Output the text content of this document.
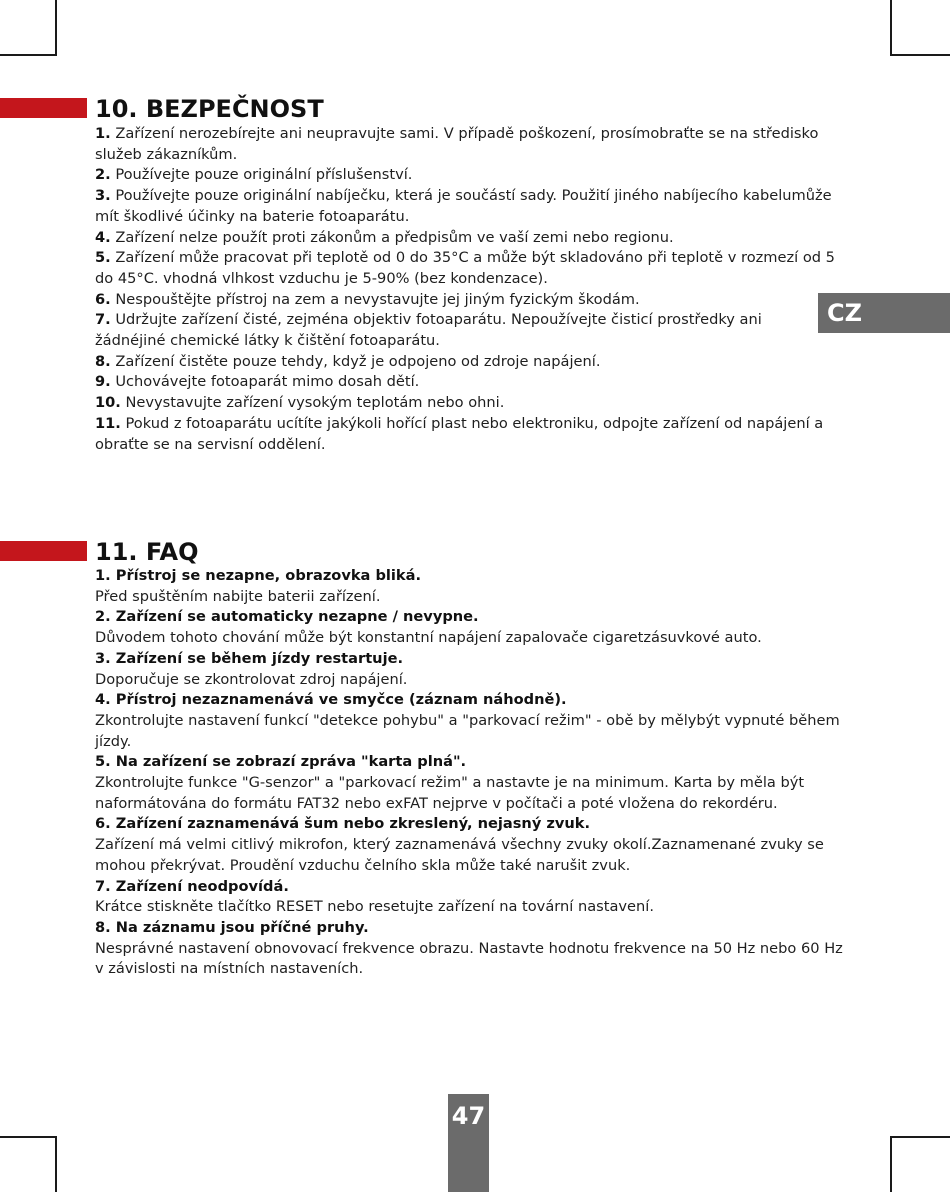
CZ
10. BEZPEČNOST

1. Zařízení nerozebírejte ani neupravujte sami. V případě poškození, prosímobraťte se na středisko služeb zákazníkům.

2. Používejte pouze originální příslušenství.

3. Používejte pouze originální nabíječku, která je součástí sady. Použití jiného nabíjecího kabelumůže mít škodlivé účinky na baterie fotoaparátu.

4. Zařízení nelze použít proti zákonům a předpisům ve vaší zemi nebo regionu.

5. Zařízení může pracovat při teplotě od 0 do 35°C a může být skladováno při teplotě v rozmezí od 5 do 45°C. vhodná vlhkost vzduchu je 5-90% (bez kondenzace).

6. Nespouštějte přístroj na zem a nevystavujte jej jiným fyzickým škodám.

7. Udržujte zařízení čisté, zejména objektiv fotoaparátu. Nepoužívejte čisticí prostředky ani žádnéjiné chemické látky k čištění fotoaparátu.

8. Zařízení čistěte pouze tehdy, když je odpojeno od zdroje napájení.

9. Uchovávejte fotoaparát mimo dosah dětí.

10. Nevystavujte zařízení vysokým teplotám nebo ohni.

11. Pokud z fotoaparátu ucítíte jakýkoli hořící plast nebo elektroniku, odpojte zařízení od napájení a obraťte se na servisní oddělení.

11. FAQ

1. Přístroj se nezapne, obrazovka bliká.

Před spuštěním nabijte baterii zařízení.

2. Zařízení se automaticky nezapne / nevypne.

Důvodem tohoto chování může být konstantní napájení zapalovače cigaretzásuvkové auto.

3. Zařízení se během jízdy restartuje.

Doporučuje se zkontrolovat zdroj napájení.

4. Přístroj nezaznamenává ve smyčce (záznam náhodně).

Zkontrolujte nastavení funkcí "detekce pohybu" a "parkovací režim" - obě by mělybýt vypnuté během jízdy.

5. Na zařízení se zobrazí zpráva "karta plná".

Zkontrolujte funkce "G-senzor" a "parkovací režim" a nastavte je na minimum. Karta by měla být naformátována do formátu FAT32 nebo exFAT nejprve v počítači a poté vložena do rekordéru.

6. Zařízení zaznamenává šum nebo zkreslený, nejasný zvuk.

Zařízení má velmi citlivý mikrofon, který zaznamenává všechny zvuky okolí.Zaznamenané zvuky se mohou překrývat. Proudění vzduchu čelního skla může také narušit zvuk.

7. Zařízení neodpovídá.

Krátce stiskněte tlačítko RESET nebo resetujte zařízení na tovární nastavení.

8. Na záznamu jsou příčné pruhy.

Nesprávné nastavení obnovovací frekvence obrazu. Nastavte hodnotu frekvence na 50 Hz nebo 60 Hz v závislosti na místních nastaveních.

47
